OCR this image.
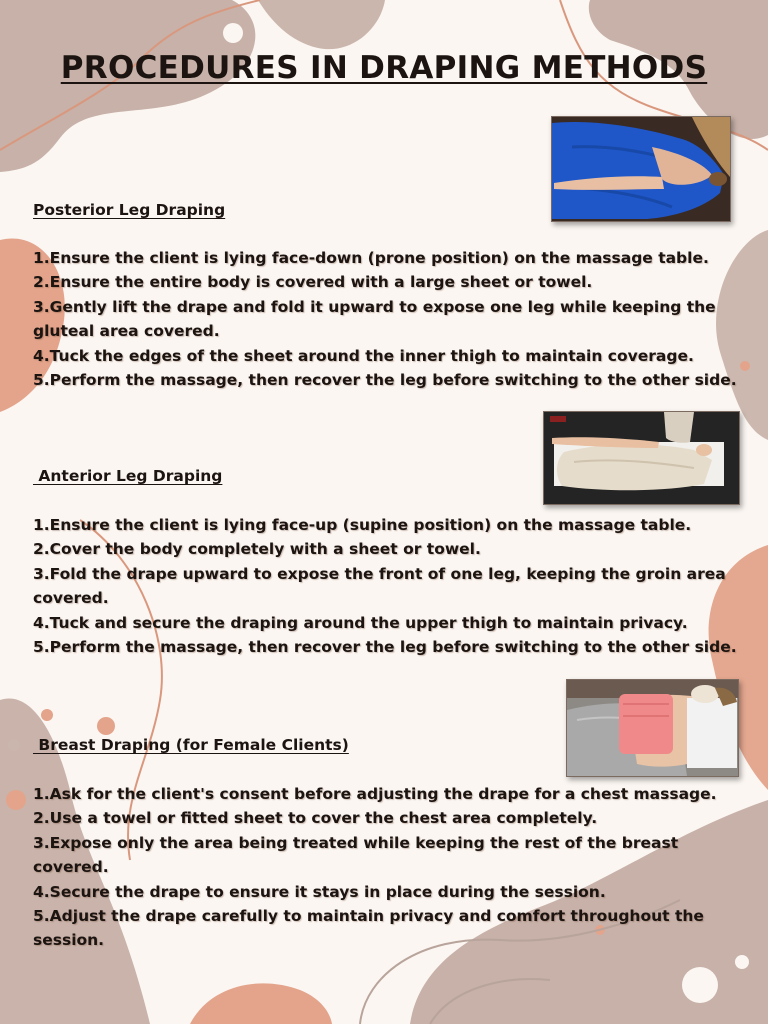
PROCEDURES IN DRAPING METHODS
Posterior Leg Draping
1.Ensure the client is lying face-down (prone position) on the massage table.
2.Ensure the entire body is covered with a large sheet or towel.
3.Gently lift the drape and fold it upward to expose one leg while keeping the gluteal area covered.
4.Tuck the edges of the sheet around the inner thigh to maintain coverage.
5.Perform the massage, then recover the leg before switching to the other side.
Anterior Leg Draping
1.Ensure the client is lying face-up (supine position) on the massage table.
2.Cover the body completely with a sheet or towel.
3.Fold the drape upward to expose the front of one leg, keeping the groin area covered.
4.Tuck and secure the draping around the upper thigh to maintain privacy.
5.Perform the massage, then recover the leg before switching to the other side.
Breast Draping (for Female Clients)
1.Ask for the client's consent before adjusting the drape for a chest massage.
2.Use a towel or fitted sheet to cover the chest area completely.
3.Expose only the area being treated while keeping the rest of the breast covered.
4.Secure the drape to ensure it stays in place during the session.
5.Adjust the drape carefully to maintain privacy and comfort throughout the session.
